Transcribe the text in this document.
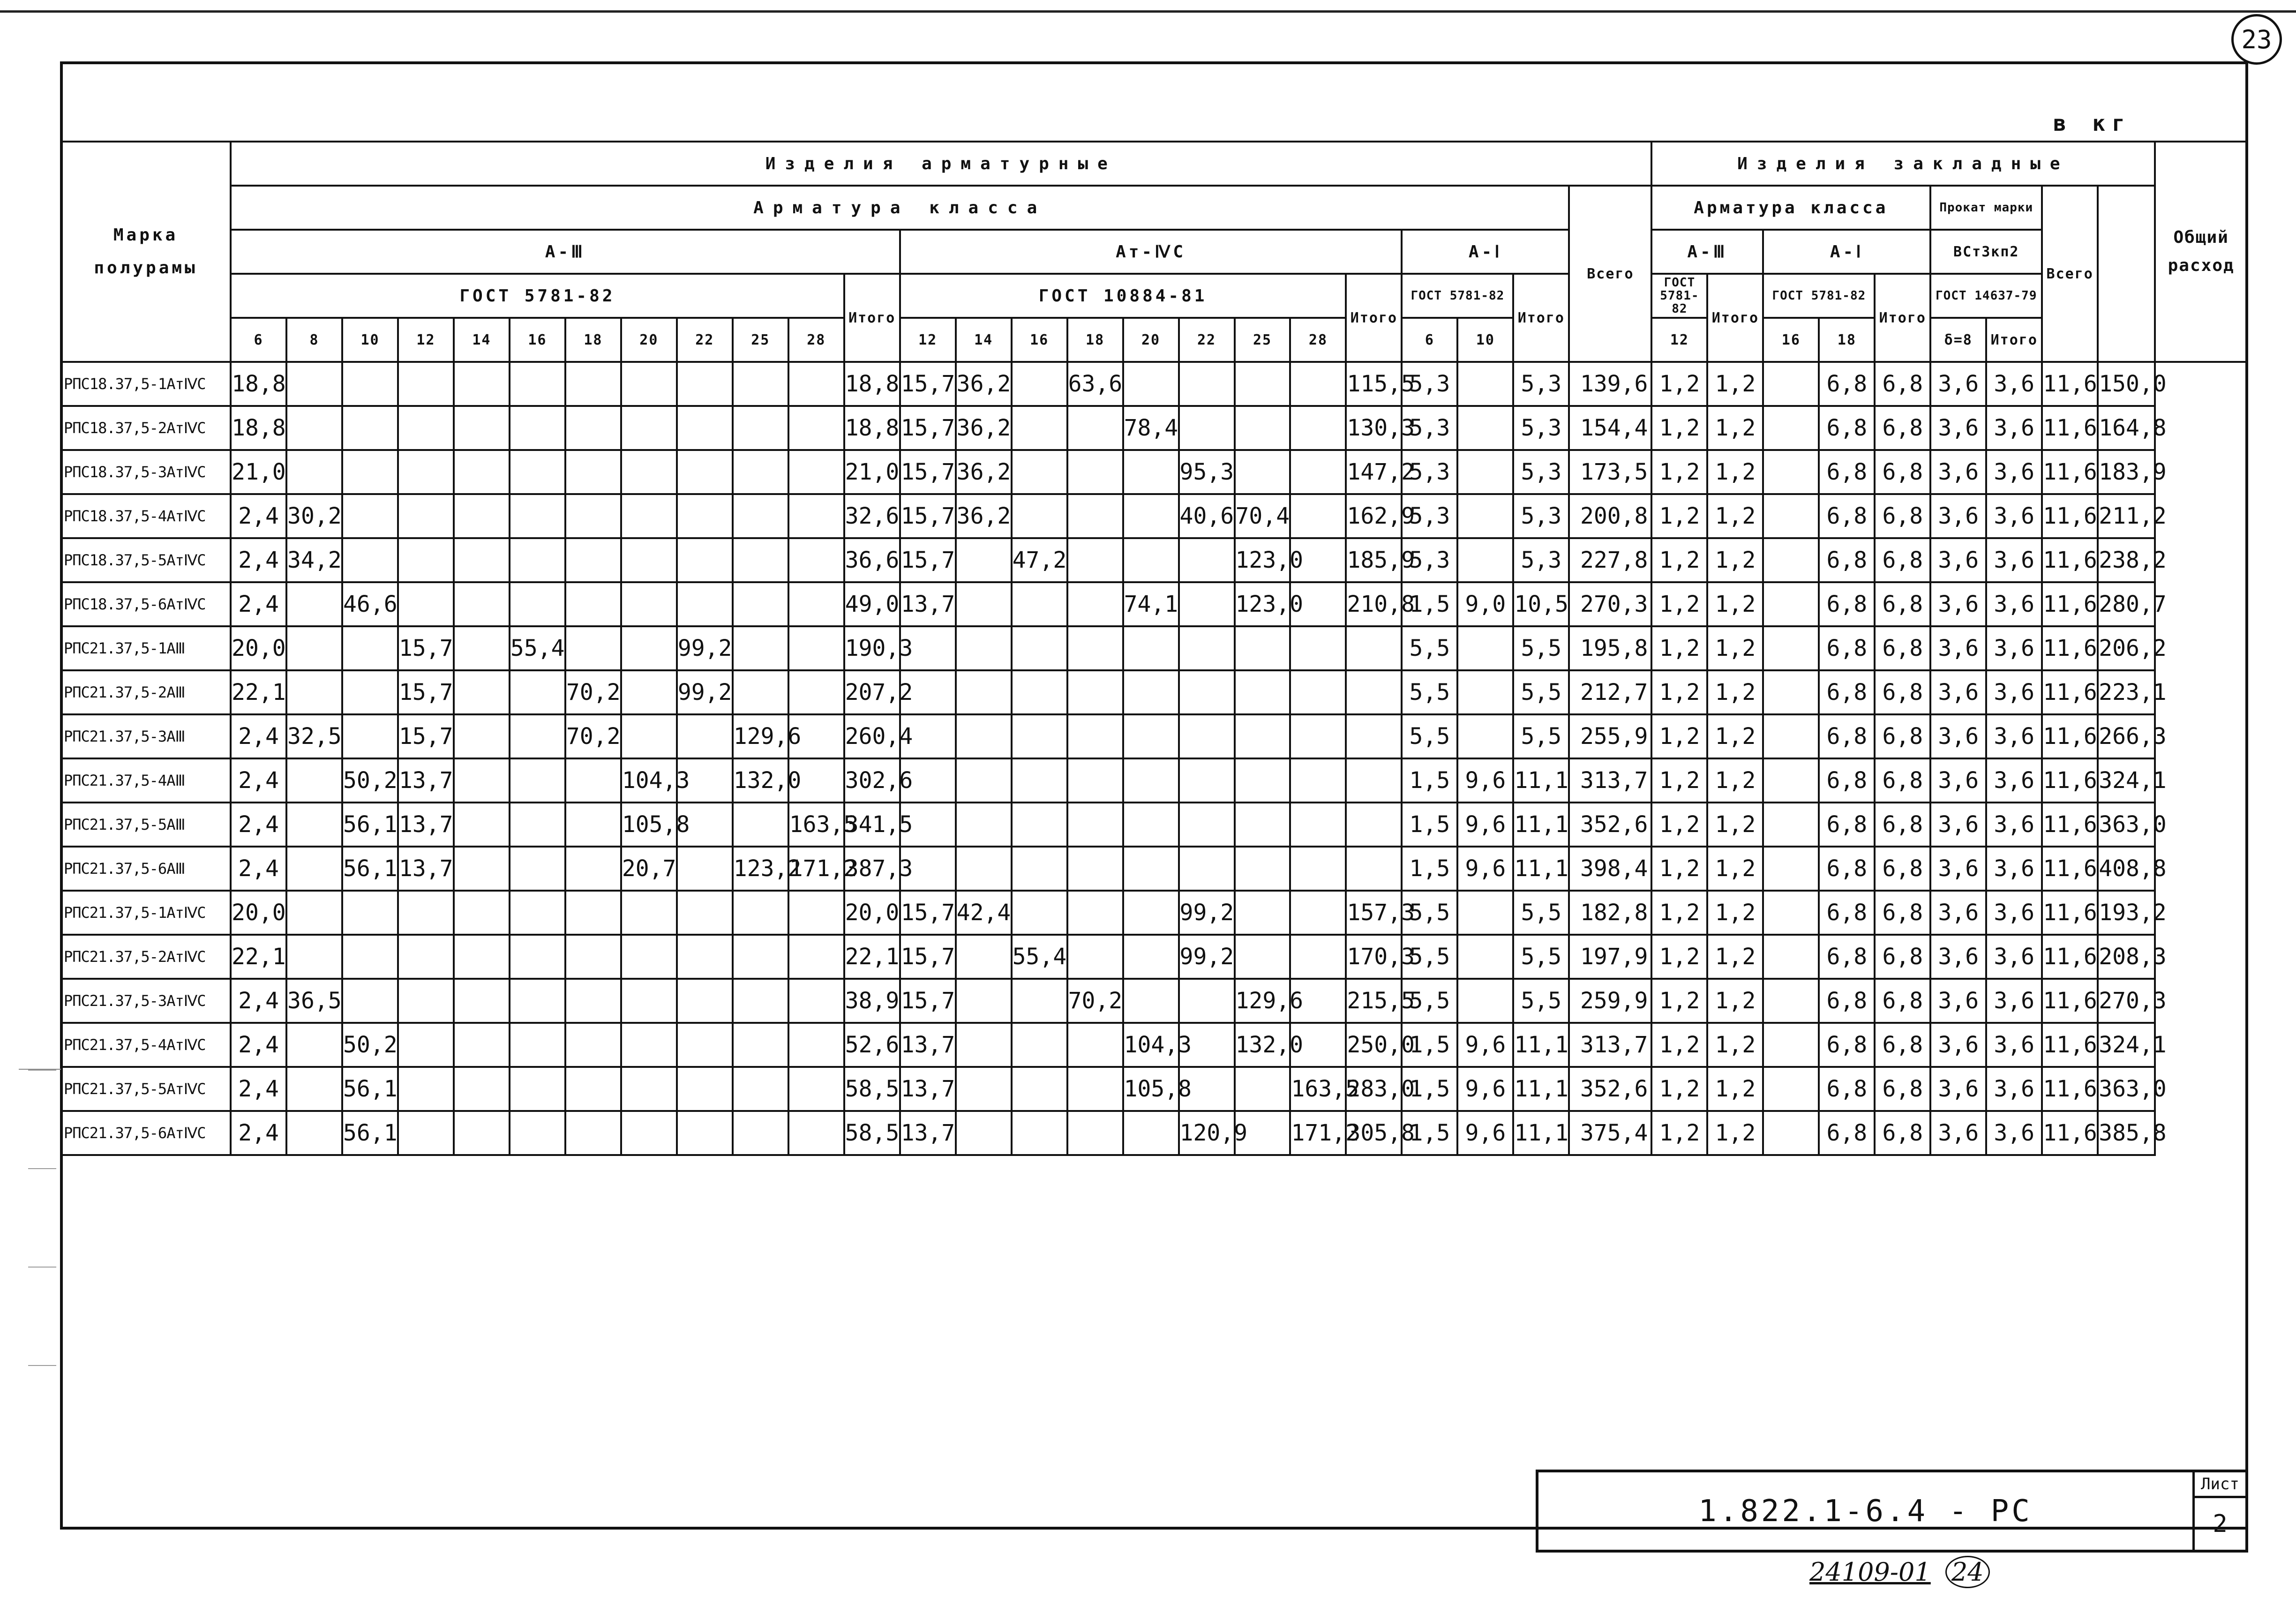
23
в кг
Марка полурамы	Изделия арматурные																									Изделия закладные									Общий расход
	Арматура класса																								Всего	Арматура класса					Прокат марки		Всего		
	А-Ⅲ												Ат-ⅣС									А-Ⅰ				А-Ⅲ		А-Ⅰ			ВСт3кп2				
	ГОСТ 5781-82											Итого	ГОСТ 10884-81								Итого	ГОСТ 5781-82		Итого		ГОСТ 5781-82	Итого	ГОСТ 5781-82		Итого	ГОСТ 14637-79				
	6	8	10	12	14	16	18	20	22	25	28		12	14	16	18	20	22	25	28		6	10			12		16	18		δ=8	Итого			
РПС18.37,5-1АтⅣС	18,8											18,8	15,7	36,2		63,6					115,5	5,3		5,3	139,6	1,2	1,2		6,8	6,8	3,6	3,6	11,6	150,0	
РПС18.37,5-2АтⅣС	18,8											18,8	15,7	36,2			78,4				130,3	5,3		5,3	154,4	1,2	1,2		6,8	6,8	3,6	3,6	11,6	164,8	
РПС18.37,5-3АтⅣС	21,0											21,0	15,7	36,2				95,3			147,2	5,3		5,3	173,5	1,2	1,2		6,8	6,8	3,6	3,6	11,6	183,9	
РПС18.37,5-4АтⅣС	2,4	30,2										32,6	15,7	36,2				40,6	70,4		162,9	5,3		5,3	200,8	1,2	1,2		6,8	6,8	3,6	3,6	11,6	211,2	
РПС18.37,5-5АтⅣС	2,4	34,2										36,6	15,7		47,2				123,0		185,9	5,3		5,3	227,8	1,2	1,2		6,8	6,8	3,6	3,6	11,6	238,2	
РПС18.37,5-6АтⅣС	2,4		46,6									49,0	13,7				74,1		123,0		210,8	1,5	9,0	10,5	270,3	1,2	1,2		6,8	6,8	3,6	3,6	11,6	280,7	
РПС21.37,5-1АⅢ	20,0			15,7		55,4			99,2			190,3										5,5		5,5	195,8	1,2	1,2		6,8	6,8	3,6	3,6	11,6	206,2	
РПС21.37,5-2АⅢ	22,1			15,7			70,2		99,2			207,2										5,5		5,5	212,7	1,2	1,2		6,8	6,8	3,6	3,6	11,6	223,1	
РПС21.37,5-3АⅢ	2,4	32,5		15,7			70,2			129,6		260,4										5,5		5,5	255,9	1,2	1,2		6,8	6,8	3,6	3,6	11,6	266,3	
РПС21.37,5-4АⅢ	2,4		50,2	13,7				104,3		132,0		302,6										1,5	9,6	11,1	313,7	1,2	1,2		6,8	6,8	3,6	3,6	11,6	324,1	
РПС21.37,5-5АⅢ	2,4		56,1	13,7				105,8			163,5	341,5										1,5	9,6	11,1	352,6	1,2	1,2		6,8	6,8	3,6	3,6	11,6	363,0	
РПС21.37,5-6АⅢ	2,4		56,1	13,7				20,7		123,2	171,2	387,3										1,5	9,6	11,1	398,4	1,2	1,2		6,8	6,8	3,6	3,6	11,6	408,8	
РПС21.37,5-1АтⅣС	20,0											20,0	15,7	42,4				99,2			157,3	5,5		5,5	182,8	1,2	1,2		6,8	6,8	3,6	3,6	11,6	193,2	
РПС21.37,5-2АтⅣС	22,1											22,1	15,7		55,4			99,2			170,3	5,5		5,5	197,9	1,2	1,2		6,8	6,8	3,6	3,6	11,6	208,3	
РПС21.37,5-3АтⅣС	2,4	36,5										38,9	15,7			70,2			129,6		215,5	5,5		5,5	259,9	1,2	1,2		6,8	6,8	3,6	3,6	11,6	270,3	
РПС21.37,5-4АтⅣС	2,4		50,2									52,6	13,7				104,3		132,0		250,0	1,5	9,6	11,1	313,7	1,2	1,2		6,8	6,8	3,6	3,6	11,6	324,1	
РПС21.37,5-5АтⅣС	2,4		56,1									58,5	13,7				105,8			163,5	283,0	1,5	9,6	11,1	352,6	1,2	1,2		6,8	6,8	3,6	3,6	11,6	363,0	
РПС21.37,5-6АтⅣС	2,4		56,1									58,5	13,7					120,9		171,2	305,8	1,5	9,6	11,1	375,4	1,2	1,2		6,8	6,8	3,6	3,6	11,6	385,8	
1.822.1-6.4 - РС
Лист
2
24109-01 24
